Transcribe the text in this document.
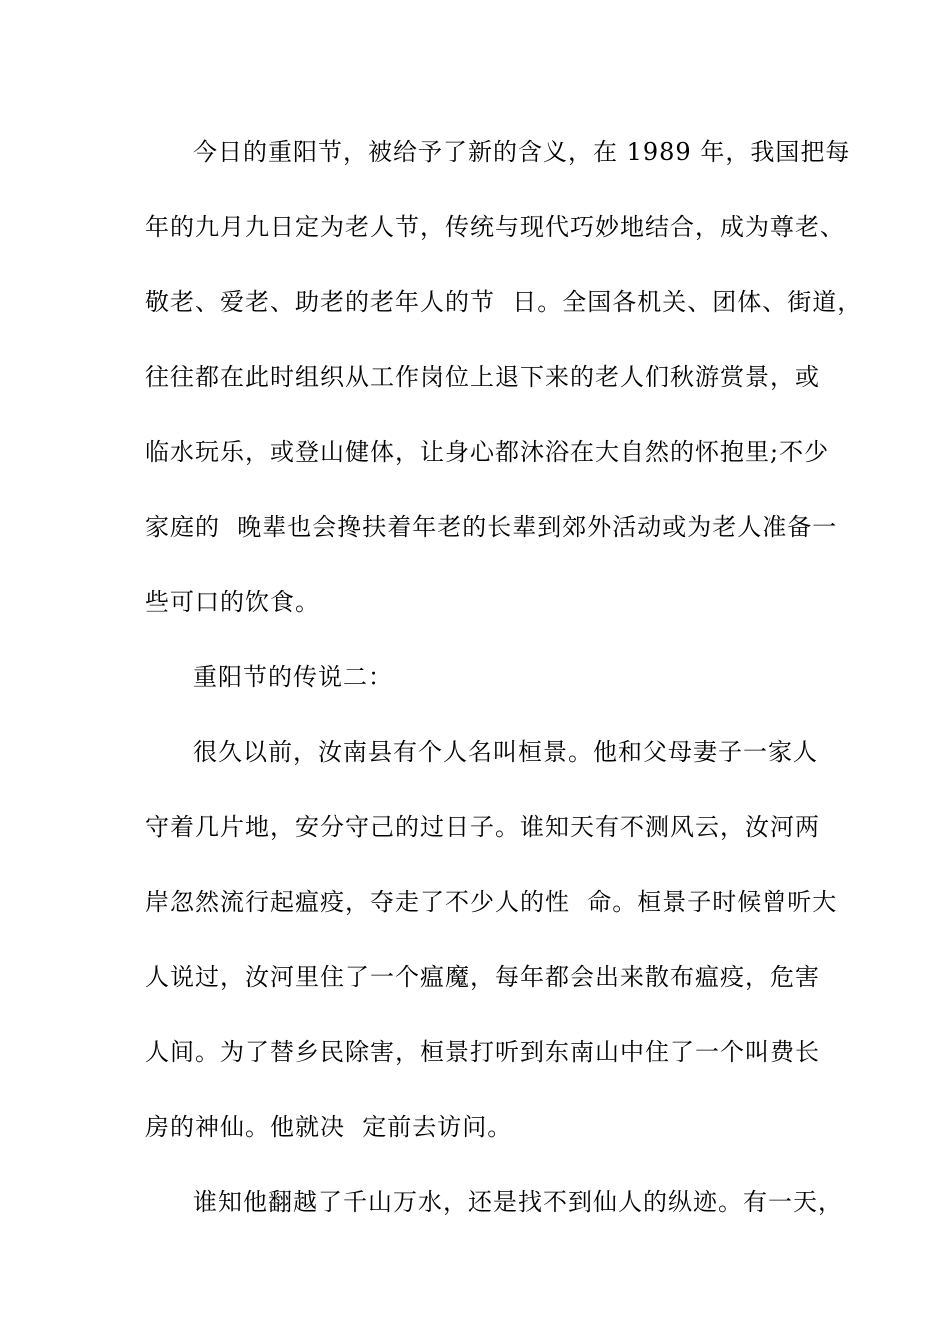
今日的重阳节，被给予了新的含义，在 1989 年，我国把每
年的九月九日定为老人节，传统与现代巧妙地结合，成为尊老、
敬老、爱老、助老的老年人的节  日。全国各机关、团体、街道，
往往都在此时组织从工作岗位上退下来的老人们秋游赏景，或
临水玩乐，或登山健体，让身心都沐浴在大自然的怀抱里;不少
家庭的  晚辈也会搀扶着年老的长辈到郊外活动或为老人准备一
些可口的饮食。
重阳节的传说二：
很久以前，汝南县有个人名叫桓景。他和父母妻子一家人
守着几片地，安分守己的过日子。谁知天有不测风云，汝河两
岸忽然流行起瘟疫，夺走了不少人的性  命。桓景子时候曾听大
人说过，汝河里住了一个瘟魔，每年都会出来散布瘟疫，危害
人间。为了替乡民除害，桓景打听到东南山中住了一个叫费长
房的神仙。他就决  定前去访问。
谁知他翻越了千山万水，还是找不到仙人的纵迹。有一天，
